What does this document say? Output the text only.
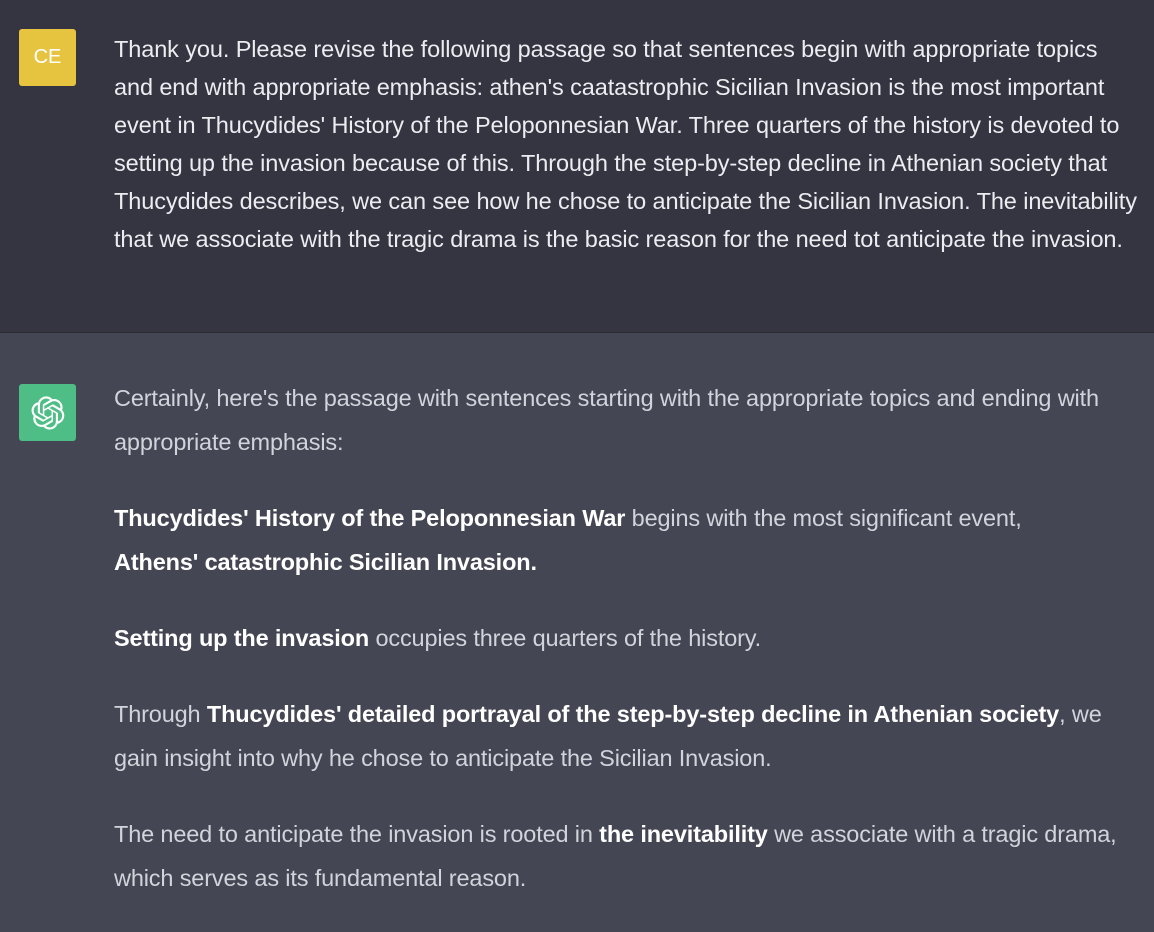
CE Thank you. Please revise the following passage so that sentences begin with appropriate topics and end with appropriate emphasis: athen's caatastrophic Sicilian Invasion is the most important event in Thucydides' History of the Peloponnesian War. Three quarters of the history is devoted to setting up the invasion because of this. Through the step-by-step decline in Athenian society that Thucydides describes, we can see how he chose to anticipate the Sicilian Invasion. The inevitability that we associate with the tragic drama is the basic reason for the need tot anticipate the invasion.

Certainly, here's the passage with sentences starting with the appropriate topics and ending with appropriate emphasis:

Thucydides' History of the Peloponnesian War begins with the most significant event,
Athens' catastrophic Sicilian Invasion.

Setting up the invasion occupies three quarters of the history.

Through Thucydides' detailed portrayal of the step-by-step decline in Athenian society, we gain insight into why he chose to anticipate the Sicilian Invasion.

The need to anticipate the invasion is rooted in the inevitability we associate with a tragic drama, which serves as its fundamental reason.
